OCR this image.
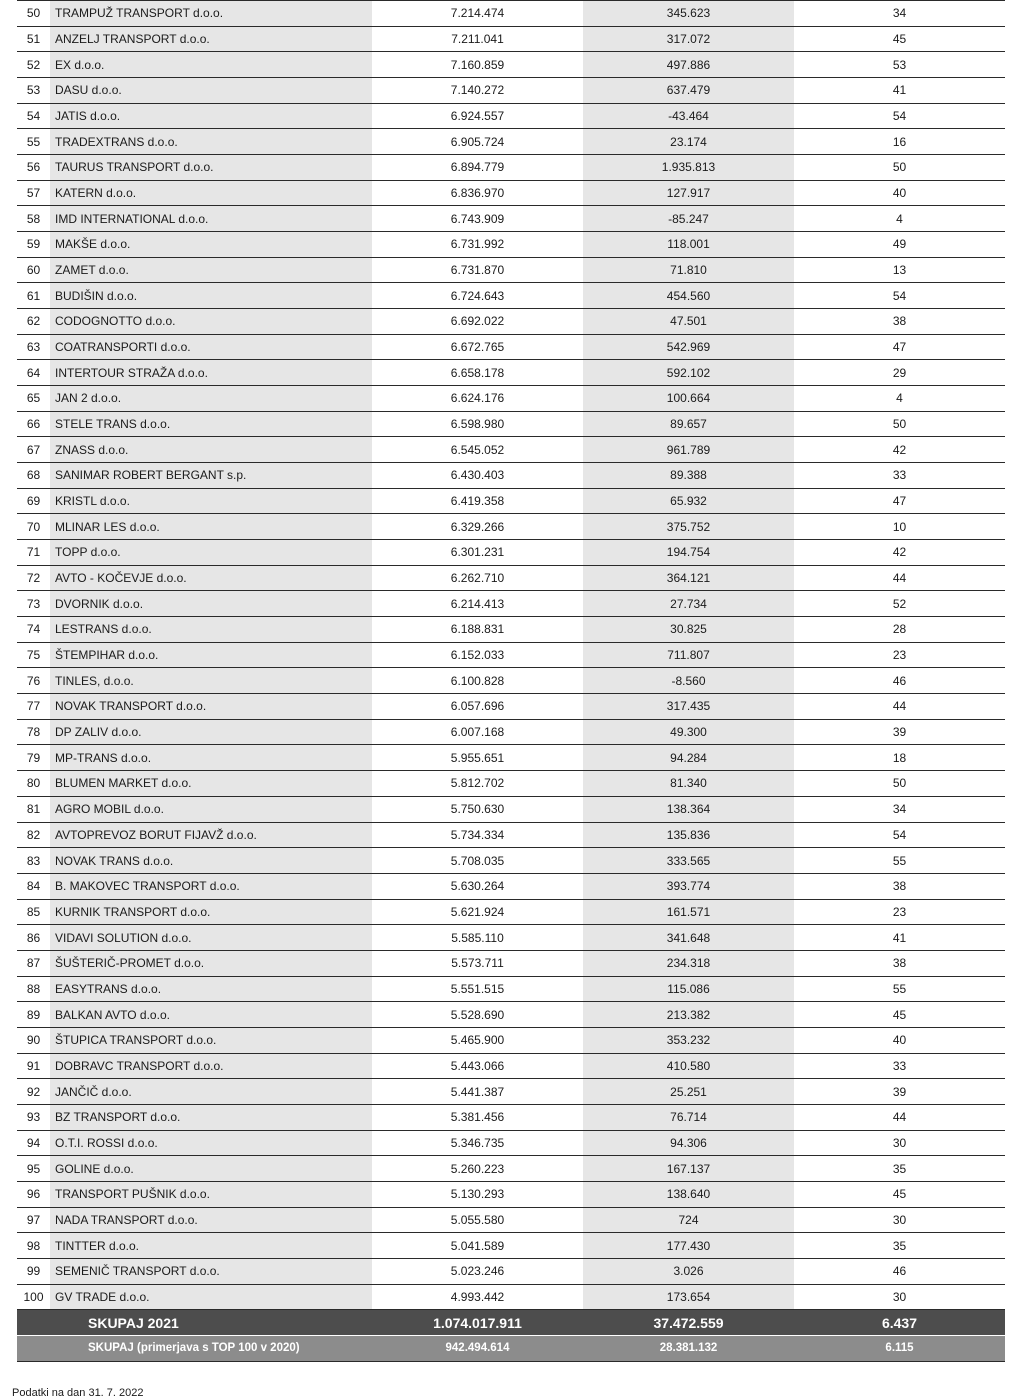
50	TRAMPUŽ TRANSPORT d.o.o.	7.214.474	345.623	34
51	ANZELJ TRANSPORT d.o.o.	7.211.041	317.072	45
52	EX d.o.o.	7.160.859	497.886	53
53	DASU d.o.o.	7.140.272	637.479	41
54	JATIS d.o.o.	6.924.557	-43.464	54
55	TRADEXTRANS d.o.o.	6.905.724	23.174	16
56	TAURUS TRANSPORT d.o.o.	6.894.779	1.935.813	50
57	KATERN d.o.o.	6.836.970	127.917	40
58	IMD INTERNATIONAL d.o.o.	6.743.909	-85.247	4
59	MAKŠE d.o.o.	6.731.992	118.001	49
60	ZAMET d.o.o.	6.731.870	71.810	13
61	BUDIŠIN d.o.o.	6.724.643	454.560	54
62	CODOGNOTTO d.o.o.	6.692.022	47.501	38
63	COATRANSPORTI d.o.o.	6.672.765	542.969	47
64	INTERTOUR STRAŽA d.o.o.	6.658.178	592.102	29
65	JAN 2 d.o.o.	6.624.176	100.664	4
66	STELE TRANS d.o.o.	6.598.980	89.657	50
67	ZNASS d.o.o.	6.545.052	961.789	42
68	SANIMAR ROBERT BERGANT s.p.	6.430.403	89.388	33
69	KRISTL d.o.o.	6.419.358	65.932	47
70	MLINAR LES d.o.o.	6.329.266	375.752	10
71	TOPP d.o.o.	6.301.231	194.754	42
72	AVTO - KOČEVJE d.o.o.	6.262.710	364.121	44
73	DVORNIK d.o.o.	6.214.413	27.734	52
74	LESTRANS d.o.o.	6.188.831	30.825	28
75	ŠTEMPIHAR d.o.o.	6.152.033	711.807	23
76	TINLES, d.o.o.	6.100.828	-8.560	46
77	NOVAK TRANSPORT d.o.o.	6.057.696	317.435	44
78	DP ZALIV d.o.o.	6.007.168	49.300	39
79	MP-TRANS d.o.o.	5.955.651	94.284	18
80	BLUMEN MARKET d.o.o.	5.812.702	81.340	50
81	AGRO MOBIL d.o.o.	5.750.630	138.364	34
82	AVTOPREVOZ BORUT FIJAVŽ d.o.o.	5.734.334	135.836	54
83	NOVAK TRANS d.o.o.	5.708.035	333.565	55
84	B. MAKOVEC TRANSPORT d.o.o.	5.630.264	393.774	38
85	KURNIK TRANSPORT d.o.o.	5.621.924	161.571	23
86	VIDAVI SOLUTION d.o.o.	5.585.110	341.648	41
87	ŠUŠTERIČ-PROMET d.o.o.	5.573.711	234.318	38
88	EASYTRANS d.o.o.	5.551.515	115.086	55
89	BALKAN AVTO d.o.o.	5.528.690	213.382	45
90	ŠTUPICA TRANSPORT d.o.o.	5.465.900	353.232	40
91	DOBRAVC TRANSPORT d.o.o.	5.443.066	410.580	33
92	JANČIČ d.o.o.	5.441.387	25.251	39
93	BZ TRANSPORT d.o.o.	5.381.456	76.714	44
94	O.T.I. ROSSI d.o.o.	5.346.735	94.306	30
95	GOLINE d.o.o.	5.260.223	167.137	35
96	TRANSPORT PUŠNIK d.o.o.	5.130.293	138.640	45
97	NADA TRANSPORT d.o.o.	5.055.580	724	30
98	TINTTER d.o.o.	5.041.589	177.430	35
99	SEMENIČ TRANSPORT d.o.o.	5.023.246	3.026	46
100	GV TRADE d.o.o.	4.993.442	173.654	30
	SKUPAJ 2021	1.074.017.911	37.472.559	6.437
	SKUPAJ (primerjava s TOP 100 v 2020)	942.494.614	28.381.132	6.115
Podatki na dan 31. 7. 2022
